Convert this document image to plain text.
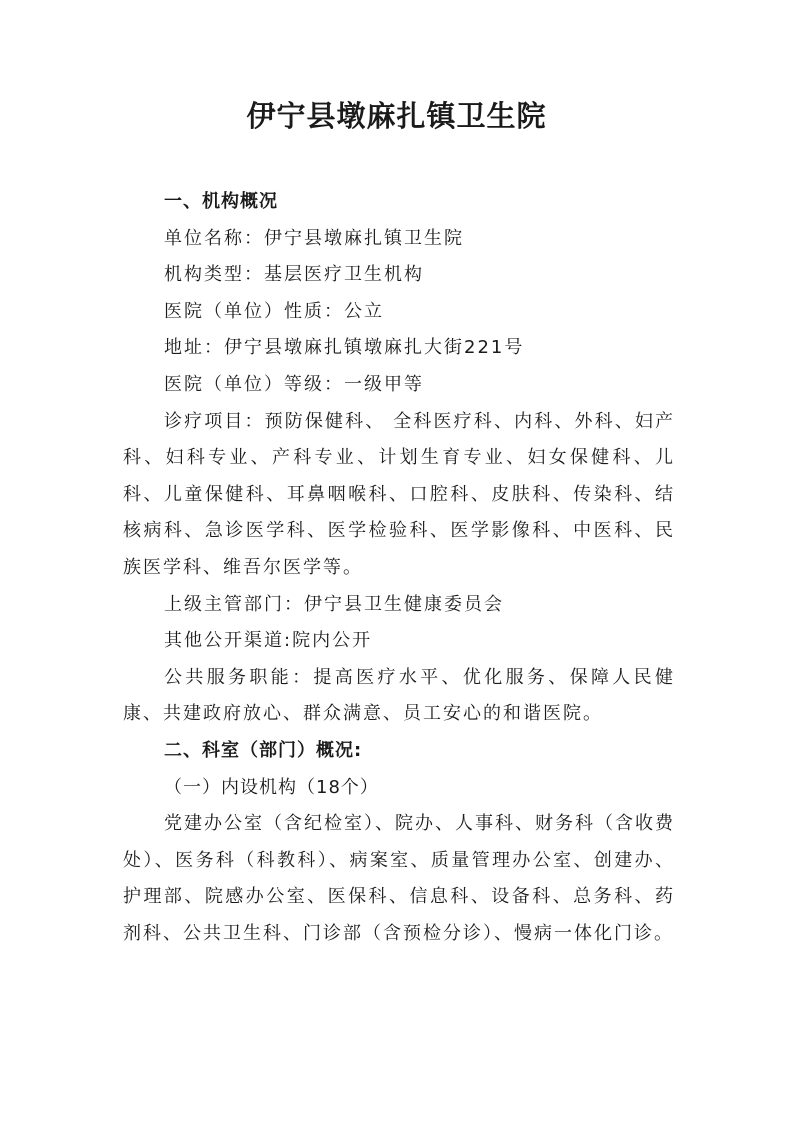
伊宁县墩麻扎镇卫生院

一、机构概况

单位名称：伊宁县墩麻扎镇卫生院

机构类型：基层医疗卫生机构

医院（单位）性质：公立

地址：伊宁县墩麻扎镇墩麻扎大街221号

医院（单位）等级：一级甲等

诊疗项目：预防保健科、 全科医疗科、内科、外科、妇产科、妇科专业、产科专业、计划生育专业、妇女保健科、儿科、儿童保健科、耳鼻咽喉科、口腔科、皮肤科、传染科、结核病科、急诊医学科、医学检验科、医学影像科、中医科、民族医学科、维吾尔医学等。

上级主管部门：伊宁县卫生健康委员会

其他公开渠道:院内公开

公共服务职能：提高医疗水平、优化服务、保障人民健康、共建政府放心、群众满意、员工安心的和谐医院。

二、科室（部门）概况:

（一）内设机构（18个）

党建办公室（含纪检室）、院办、人事科、财务科（含收费处）、医务科（科教科）、病案室、质量管理办公室、创建办、护理部、院感办公室、医保科、信息科、设备科、总务科、药剂科、公共卫生科、门诊部（含预检分诊）、慢病一体化门诊。
